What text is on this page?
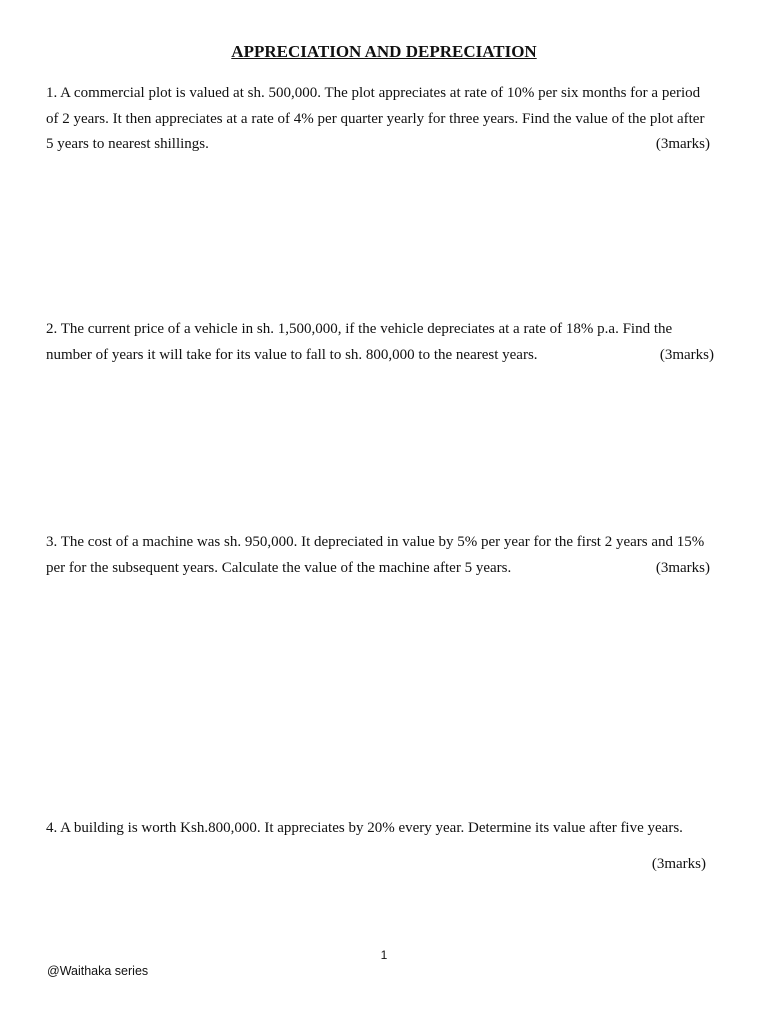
APPRECIATION AND DEPRECIATION

1. A commercial plot is valued at sh. 500,000. The plot appreciates at rate of 10% per six months for a period of 2 years. It then appreciates at a rate of 4% per quarter yearly for three years. Find the value of the plot after 5 years to nearest shillings.	(3marks)

2. The current price of a vehicle in sh. 1,500,000, if the vehicle depreciates at a rate of 18% p.a. Find the number of years it will take for its value to fall to sh. 800,000 to the nearest years.	(3marks)

3. The cost of a machine was sh. 950,000. It depreciated in value by 5% per year for the first 2 years and 15% per for the subsequent years. Calculate the value of the machine after 5 years.	(3marks)

4. A building is worth Ksh.800,000. It appreciates by 20% every year. Determine its value after five years.

(3marks)

1
@Waithaka series
